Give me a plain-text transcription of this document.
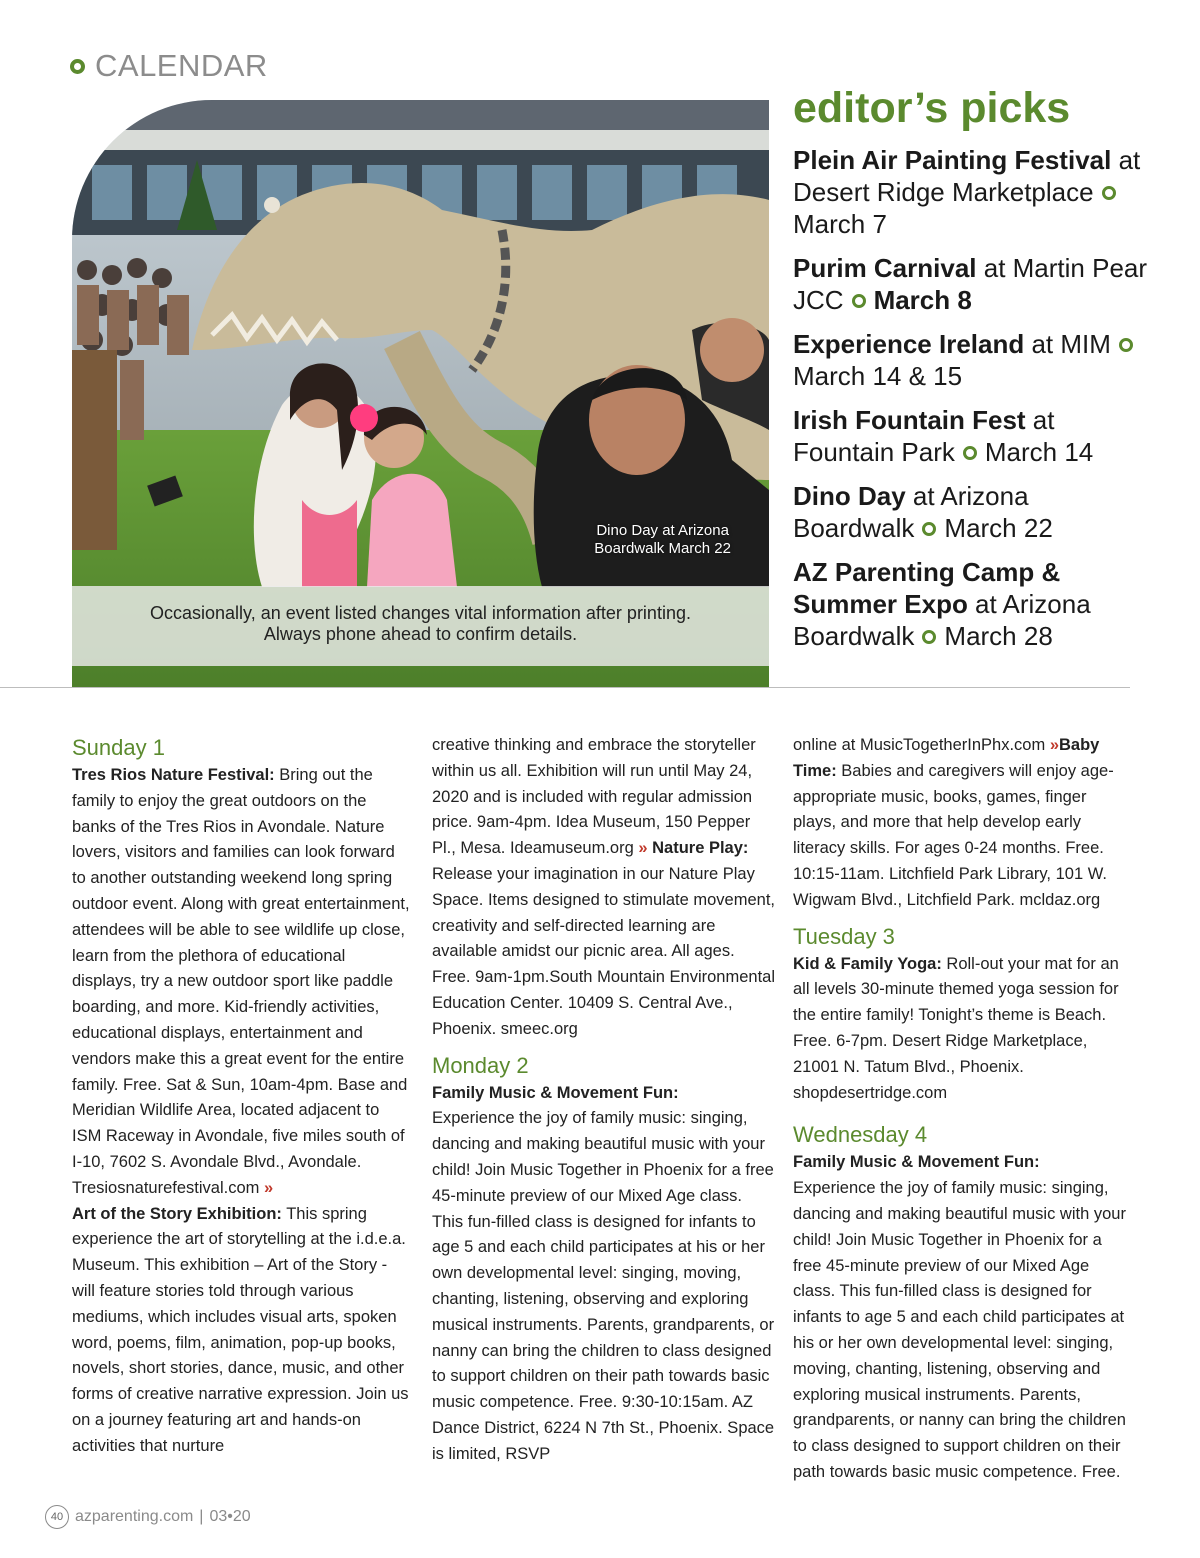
CALENDAR
Dino Day at Arizona
Boardwalk March 22
Occasionally, an event listed changes vital information after printing.
Always phone ahead to confirm details.
editor’s picks
Plein Air Painting Festival at Desert Ridge MarketplaceMarch 7
Purim Carnival at Martin Pear JCC March 8
Experience Ireland at MIMMarch 14 & 15
Irish Fountain Fest at Fountain Park March 14
Dino Day at Arizona Boardwalk March 22
AZ Parenting Camp & Summer Expo at Arizona Boardwalk March 28

Sunday 1

Tres Rios Nature Festival: Bring out the family to enjoy the great outdoors on the banks of the Tres Rios in Avondale. Nature lovers, visitors and families can look forward to another outstanding weekend long spring outdoor event. Along with great entertainment, attendees will be able to see wildlife up close, learn from the plethora of educational displays, try a new outdoor sport like paddle boarding, and more. Kid-friendly activities, educational displays, entertainment and vendors make this a great event for the entire family. Free. Sat & Sun, 10am-4pm. Base and Meridian Wildlife Area, located adjacent to ISM Raceway in Avondale, five miles south of I-10, 7602 S. Avondale Blvd., Avondale. Tresiosnaturefestival.com »

Art of the Story Exhibition: This spring experience the art of storytelling at the i.d.e.a. Museum. This exhibition – Art of the Story - will feature stories told through various mediums, which includes visual arts, spoken word, poems, film, animation, pop-up books, novels, short stories, dance, music, and other forms of creative narrative expression. Join us on a journey featuring art and hands-on activities that nurture

creative thinking and embrace the storyteller within us all. Exhibition will run until May 24, 2020 and is included with regular admission price. 9am-4pm. Idea Museum, 150 Pepper Pl., Mesa. Ideamuseum.org » Nature Play: Release your imagination in our Nature Play Space. Items designed to stimulate movement, creativity and self-directed learning are available amidst our picnic area. All ages. Free. 9am-1pm.South Mountain Environmental Education Center. 10409 S. Central Ave., Phoenix. smeec.org

Monday 2

Family Music & Movement Fun:

Experience the joy of family music: singing, dancing and making beautiful music with your child! Join Music Together in Phoenix for a free 45-minute preview of our Mixed Age class. This fun-filled class is designed for infants to age 5 and each child participates at his or her own developmental level: singing, moving, chanting, listening, observing and exploring musical instruments. Parents, grandparents, or nanny can bring the children to class designed to support children on their path towards basic music competence. Free. 9:30-10:15am. AZ Dance District, 6224 N 7th St., Phoenix. Space is limited, RSVP

online at MusicTogetherInPhx.com »Baby Time: Babies and caregivers will enjoy age-appropriate music, books, games, finger plays, and more that help develop early literacy skills. For ages 0-24 months. Free. 10:15-11am. Litchfield Park Library, 101 W. Wigwam Blvd., Litchfield Park. mcldaz.org

Tuesday 3

Kid & Family Yoga: Roll-out your mat for an all levels 30-minute themed yoga session for the entire family! Tonight’s theme is Beach. Free. 6-7pm. Desert Ridge Marketplace, 21001 N. Tatum Blvd., Phoenix. shopdesertridge.com

Wednesday 4

Family Music & Movement Fun:

Experience the joy of family music: singing, dancing and making beautiful music with your child! Join Music Together in Phoenix for a free 45-minute preview of our Mixed Age class. This fun-filled class is designed for infants to age 5 and each child participates at his or her own developmental level: singing, moving, chanting, listening, observing and exploring musical instruments. Parents, grandparents, or nanny can bring the children to class designed to support children on their path towards basic music competence. Free.

40 azparenting.com | 03•20
